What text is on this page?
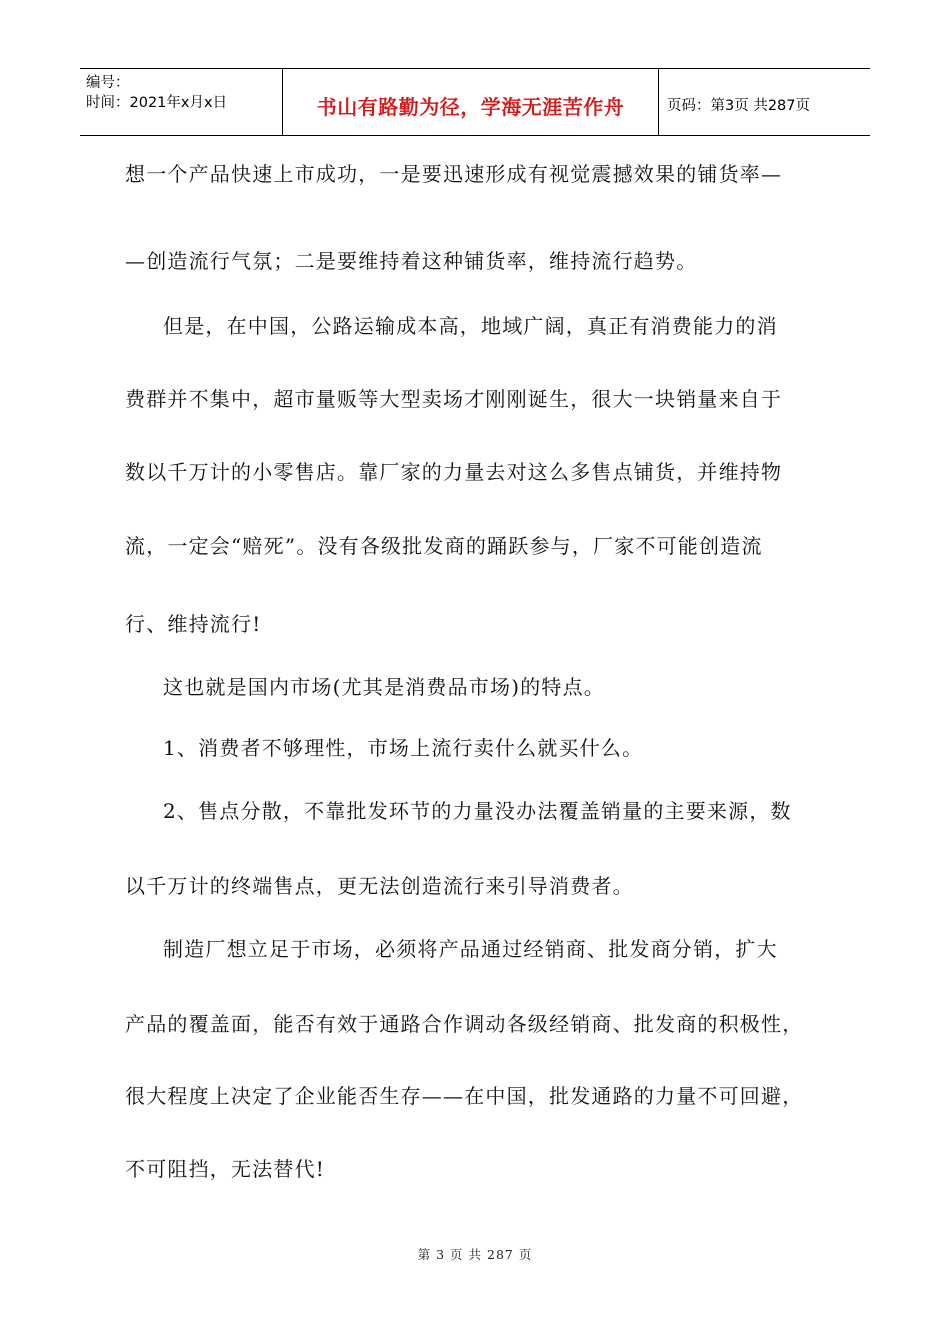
编号：
时间：2021年x月x日	书山有路勤为径，学海无涯苦作舟	页码：第3页 共287页
想一个产品快速上市成功，一是要迅速形成有视觉震撼效果的铺货率—
—创造流行气氛；二是要维持着这种铺货率，维持流行趋势。
但是，在中国，公路运输成本高，地域广阔，真正有消费能力的消
费群并不集中，超市量贩等大型卖场才刚刚诞生，很大一块销量来自于
数以千万计的小零售店。靠厂家的力量去对这么多售点铺货，并维持物
流，一定会“赔死”。没有各级批发商的踊跃参与，厂家不可能创造流
行、维持流行!
这也就是国内市场(尤其是消费品市场)的特点。
1、消费者不够理性，市场上流行卖什么就买什么。
2、售点分散，不靠批发环节的力量没办法覆盖销量的主要来源，数
以千万计的终端售点，更无法创造流行来引导消费者。
制造厂想立足于市场，必须将产品通过经销商、批发商分销，扩大
产品的覆盖面，能否有效于通路合作调动各级经销商、批发商的积极性，
很大程度上决定了企业能否生存——在中国，批发通路的力量不可回避，
不可阻挡，无法替代!
第 3 页 共 287 页
